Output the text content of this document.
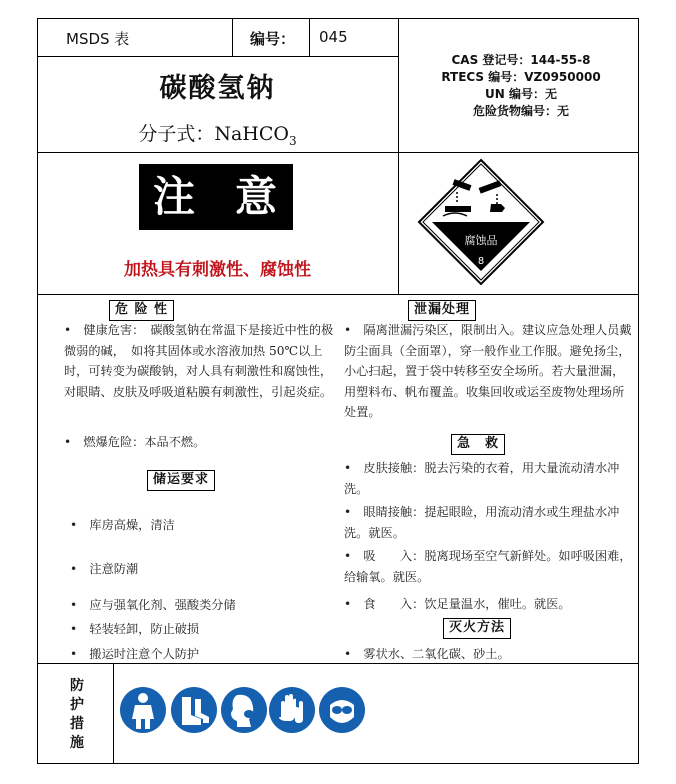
MSDS 表	编号： 045
CAS 登记号：144-55-8
RTECS 编号：VZ0950000
UN 编号：无
危险货物编号：无
碳酸氢钠
分子式：NaHCO$_3$
注 意
加热具有刺激性、腐蚀性
腐蚀品
8
危 险 性
•　健康危害：　碳酸氢钠在常温下是接近中性的极微弱的碱，　如将其固体或水溶液加热 50℃以上时，可转变为碳酸钠，对人具有刺激性和腐蚀性，对眼睛、皮肤及呼吸道粘膜有刺激性，引起炎症。
•　燃爆危险：本品不燃。
储运要求
•　库房高燥，清洁
•　注意防潮
•　应与强氧化剂、强酸类分储
•　轻装轻卸，防止破损
•　搬运时注意个人防护
泄漏处理
•　隔离泄漏污染区，限制出入。建议应急处理人员戴防尘面具（全面罩），穿一般作业工作服。避免扬尘，小心扫起，置于袋中转移至安全场所。若大量泄漏，用塑料布、帆布覆盖。收集回收或运至废物处理场所处置。
急　救
•　皮肤接触：脱去污染的衣着，用大量流动清水冲洗。
•　眼睛接触：提起眼睑，用流动清水或生理盐水冲洗。就医。
•　吸　　入：脱离现场至空气新鲜处。如呼吸困难，给输氧。就医。
•　食　　入：饮足量温水，催吐。就医。
灭火方法
•　雾状水、二氧化碳、砂土。
防
护
措
施
